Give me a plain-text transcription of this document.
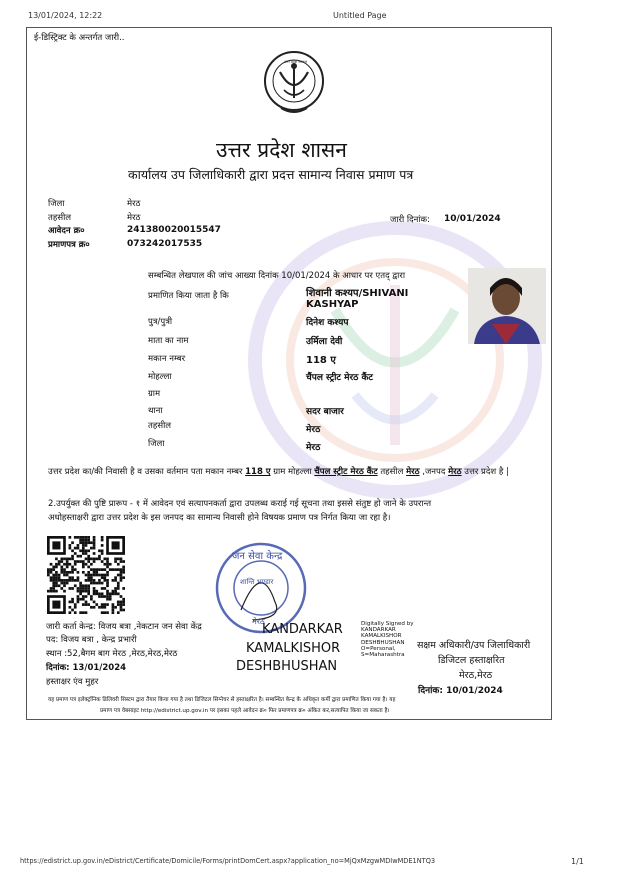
13/01/2024, 12:22	Untitled Page
ई-डिस्ट्रिक्ट के अन्तर्गत जारी..
उत्तर प्रदेश सरकार
उत्तर प्रदेश शासन
कार्यालय उप जिलाधिकारी द्वारा प्रदत्त सामान्य निवास प्रमाण पत्र
जिला	मेरठ
तहसील	मेरठ
आवेदन क्र०	241380020015547
प्रमाणपत्र क्र०	073242017535
जारी दिनांक: 10/01/2024
सम्बन्धित लेखपाल की जांच आख्या दिनांक 10/01/2024 के आधार पर एतद् द्वारा
प्रमाणित किया जाता है कि	शिवानी कश्यप/SHIVANI
KASHYAP
पुत्र/पुत्री	दिनेश कश्यप
माता का नाम	उर्मिला देवी
मकान नम्बर	118 ए
मोहल्ला	चैंपल स्ट्रीट मेरठ कैंट
ग्राम
थाना	सदर बाजार
तहसील	मेरठ
जिला	मेरठ
उत्तर प्रदेश का/की निवासी है व उसका वर्तमान पता मकान नम्बर 118 ए ग्राम मोहल्ला चैंपल स्ट्रीट मेरठ कैंट तहसील मेरठ ,जनपद मेरठ उत्तर प्रदेश है |
2.उपर्युक्त की पुष्टि प्रारूप - १ में आवेदन एवं सत्यापनकर्ता द्वारा उपलब्ध कराई गई सूचना तथा इससे संतुष्ट हो जाने के उपरान्त
अधोहस्ताक्षरी द्वारा उत्तर प्रदेश के इस जनपद का सामान्य निवासी होने विषयक प्रमाण पत्र निर्गत किया जा रहा है।
जन सेवा केन्द्र
शान्ति भण्डार
मेरठ
जारी कर्ता केन्द्र: विजय बत्रा ,नेकटान जन सेवा केंद्र
पद: विजय बत्रा , केन्द्र प्रभारी
स्थान :52,बैगम बाग मेरठ ,मेरठ,मेरठ,मेरठ
दिनांक: 13/01/2024
हस्ताक्षर एंव मुहर
KANDARKAR
KAMALKISHOR
DESHBHUSHAN
Digitally Signed by
KANDARKAR
KAMALKISHOR
DESHBHUSHAN
O=Personal,
S=Maharashtra
सक्षम अधिकारी/उप जिलाधिकारी
डिजिटल हस्ताक्षरित
मेरठ,मेरठ
दिनांक: 10/01/2024
यह प्रमाण पत्र इलेक्ट्रॉनिक डिलिवरी सिस्टम द्वारा तैयार किया गया है तथा डिजिटल सिग्नेचर से हस्ताक्षरित है। सम्बन्धित केन्द्र के अधिकृत कर्मी द्वारा प्रमाणित किया गया है। यह
प्रमाण पत्र वेबसाइट http://edistrict.up.gov.in पर इसका पहले आवेदन क्र० फिर प्रमाणपत्र क्र० अंकित कर,सत्यापित किया जा सकता है।
https://edistrict.up.gov.in/eDistrict/Certificate/Domicile/Forms/printDomCert.aspx?application_no=MjQxMzgwMDIwMDE1NTQ3	1/1
